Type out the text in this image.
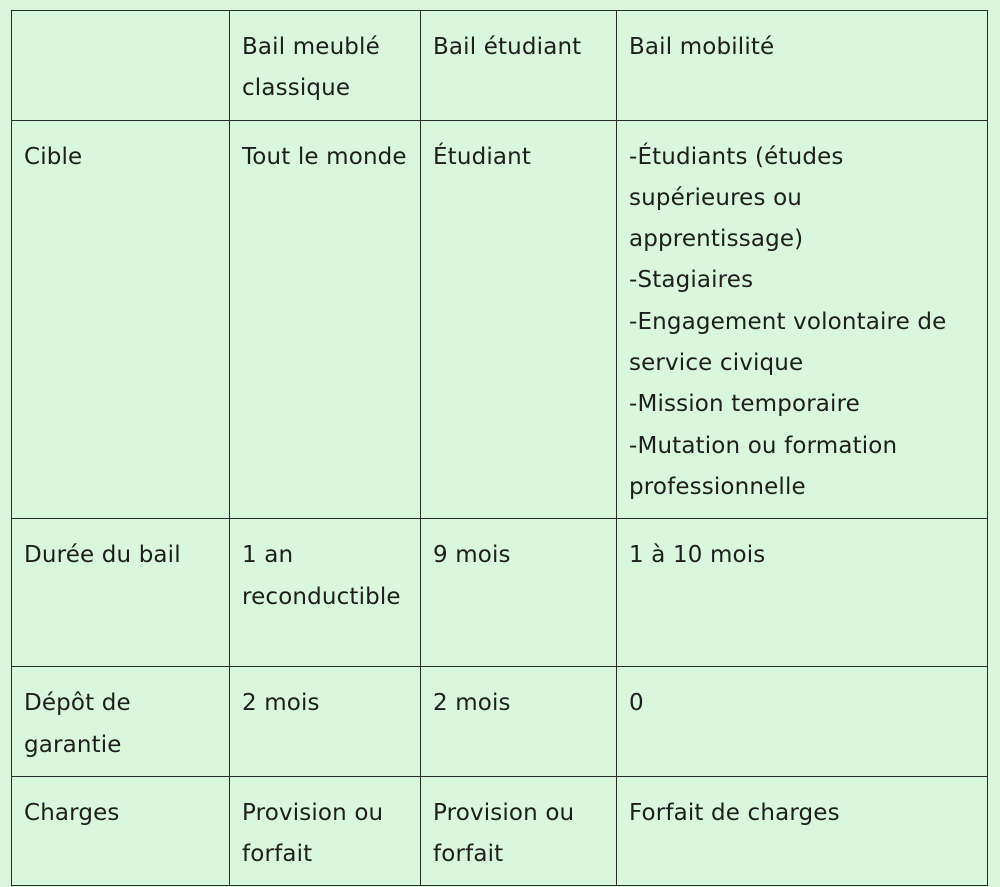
	Bail meublé classique	Bail étudiant	Bail mobilité
Cible	Tout le monde	Étudiant	-Étudiants (études supérieures ou apprentissage)
-Stagiaires
-Engagement volontaire de service civique
-Mission temporaire
-Mutation ou formation professionnelle

Durée du bail	1 an reconductible	9 mois	1 à 10 mois
Dépôt de garantie	2 mois	2 mois	0
Charges	Provision ou forfait	Provision ou forfait	Forfait de charges
